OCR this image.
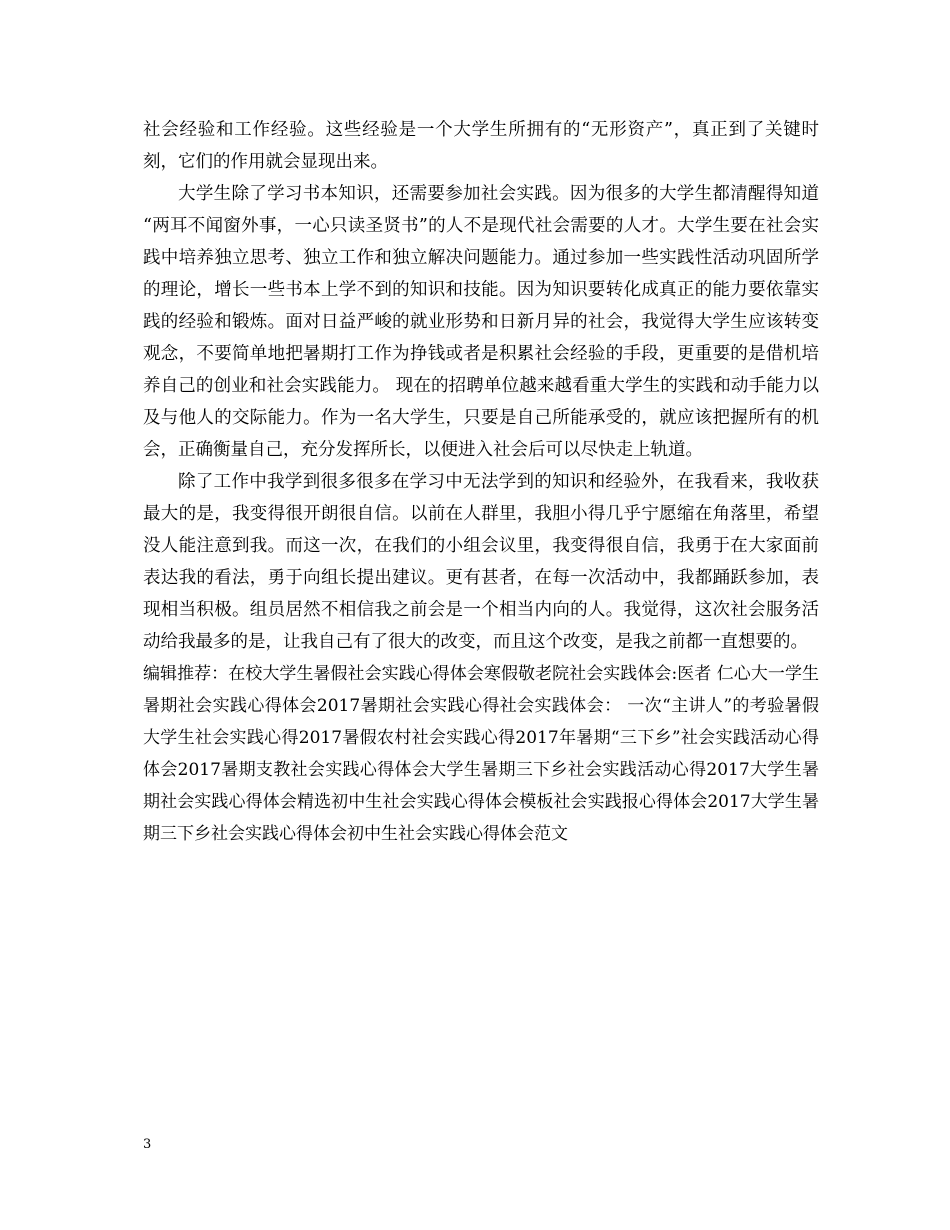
社会经验和工作经验。这些经验是一个大学生所拥有的“无形资产”，真正到了关键时刻，它们的作用就会显现出来。

大学生除了学习书本知识，还需要参加社会实践。因为很多的大学生都清醒得知道 “两耳不闻窗外事，一心只读圣贤书”的人不是现代社会需要的人才。大学生要在社会实践中培养独立思考、独立工作和独立解决问题能力。通过参加一些实践性活动巩固所学的理论，增长一些书本上学不到的知识和技能。因为知识要转化成真正的能力要依靠实践的经验和锻炼。面对日益严峻的就业形势和日新月异的社会，我觉得大学生应该转变观念，不要简单地把暑期打工作为挣钱或者是积累社会经验的手段，更重要的是借机培养自己的创业和社会实践能力。 现在的招聘单位越来越看重大学生的实践和动手能力以及与他人的交际能力。作为一名大学生，只要是自己所能承受的，就应该把握所有的机会，正确衡量自己，充分发挥所长，以便进入社会后可以尽快走上轨道。

除了工作中我学到很多很多在学习中无法学到的知识和经验外，在我看来，我收获最大的是，我变得很开朗很自信。以前在人群里，我胆小得几乎宁愿缩在角落里，希望没人能注意到我。而这一次，在我们的小组会议里，我变得很自信，我勇于在大家面前表达我的看法，勇于向组长提出建议。更有甚者，在每一次活动中，我都踊跃参加，表现相当积极。组员居然不相信我之前会是一个相当内向的人。我觉得，这次社会服务活动给我最多的是，让我自己有了很大的改变，而且这个改变，是我之前都一直想要的。

编辑推荐：在校大学生暑假社会实践心得体会寒假敬老院社会实践体会:医者 仁心大一学生暑期社会实践心得体会2017暑期社会实践心得社会实践体会： 一次“主讲人”的考验暑假大学生社会实践心得2017暑假农村社会实践心得2017年暑期“三下乡”社会实践活动心得体会2017暑期支教社会实践心得体会大学生暑期三下乡社会实践活动心得2017大学生暑期社会实践心得体会精选初中生社会实践心得体会模板社会实践报心得体会2017大学生暑期三下乡社会实践心得体会初中生社会实践心得体会范文

3
